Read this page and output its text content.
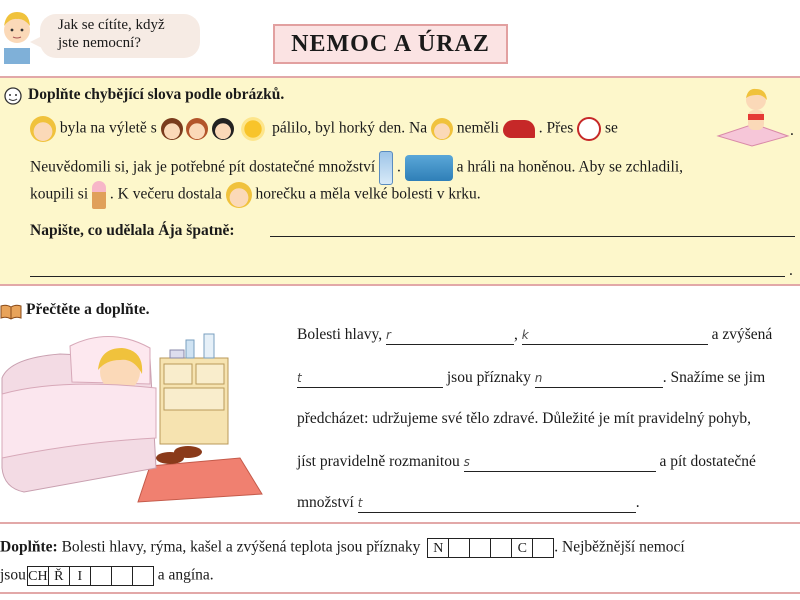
Jak se cítíte, když
jste nemocní?	NEMOC A ÚRAZ
Doplňte chybějící slova podle obrázků.
byla na výletě s	pálilo, byl horký den. Na neměli	. Přes se	.
Neuvědomili si, jak je potřebné pít dostatečné množství .	a hráli na honěnou. Aby se zchladili,
koupili si . K večeru dostala horečku a měla velké bolesti v krku.
Napište, co udělala Ája špatně:
.
Přečtěte a doplňte.
Bolesti hlavy, r	, k	a zvýšená
t	jsou příznaky n	. Snažíme se jim
předcházet: udržujeme své tělo zdravé. Důležité je mít pravidelný pohyb,
jíst pravidelně rozmanitou s	a pít dostatečné
množství t	.
Doplňte: Bolesti hlavy, rýma, kašel a zvýšená teplota jsou příznaky N	C . Nejběžnější nemocí
jsou CH Ř I	a angína.
